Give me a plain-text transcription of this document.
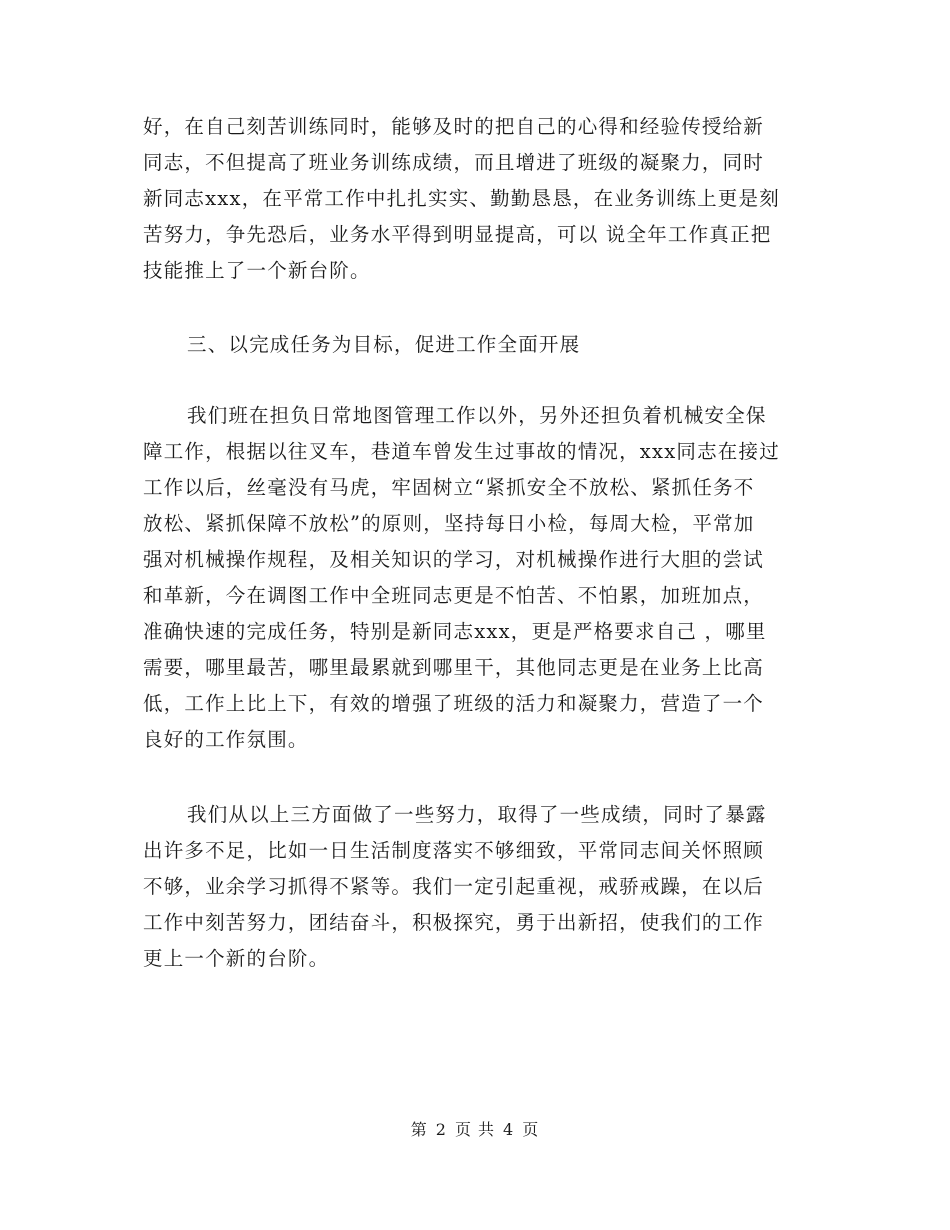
好，在自己刻苦训练同时，能够及时的把自己的心得和经验传授给新
同志，不但提高了班业务训练成绩，而且增进了班级的凝聚力，同时
新同志xxx，在平常工作中扎扎实实、勤勤恳恳，在业务训练上更是刻
苦努力，争先恐后，业务水平得到明显提高，可以 说全年工作真正把
技能推上了一个新台阶。
三、以完成任务为目标，促进工作全面开展
我们班在担负日常地图管理工作以外，另外还担负着机械安全保
障工作，根据以往叉车，巷道车曾发生过事故的情况，xxx同志在接过
工作以后，丝毫没有马虎，牢固树立“紧抓安全不放松、紧抓任务不
放松、紧抓保障不放松”的原则，坚持每日小检，每周大检，平常加
强对机械操作规程，及相关知识的学习，对机械操作进行大胆的尝试
和革新，今在调图工作中全班同志更是不怕苦、不怕累，加班加点，
准确快速的完成任务，特别是新同志xxx，更是严格要求自己 ，哪里
需要，哪里最苦，哪里最累就到哪里干，其他同志更是在业务上比高
低，工作上比上下，有效的增强了班级的活力和凝聚力，营造了一个
良好的工作氛围。
我们从以上三方面做了一些努力，取得了一些成绩，同时了暴露
出许多不足，比如一日生活制度落实不够细致，平常同志间关怀照顾
不够，业余学习抓得不紧等。我们一定引起重视，戒骄戒躁，在以后
工作中刻苦努力，团结奋斗，积极探究，勇于出新招，使我们的工作
更上一个新的台阶。
第 2 页 共 4 页
